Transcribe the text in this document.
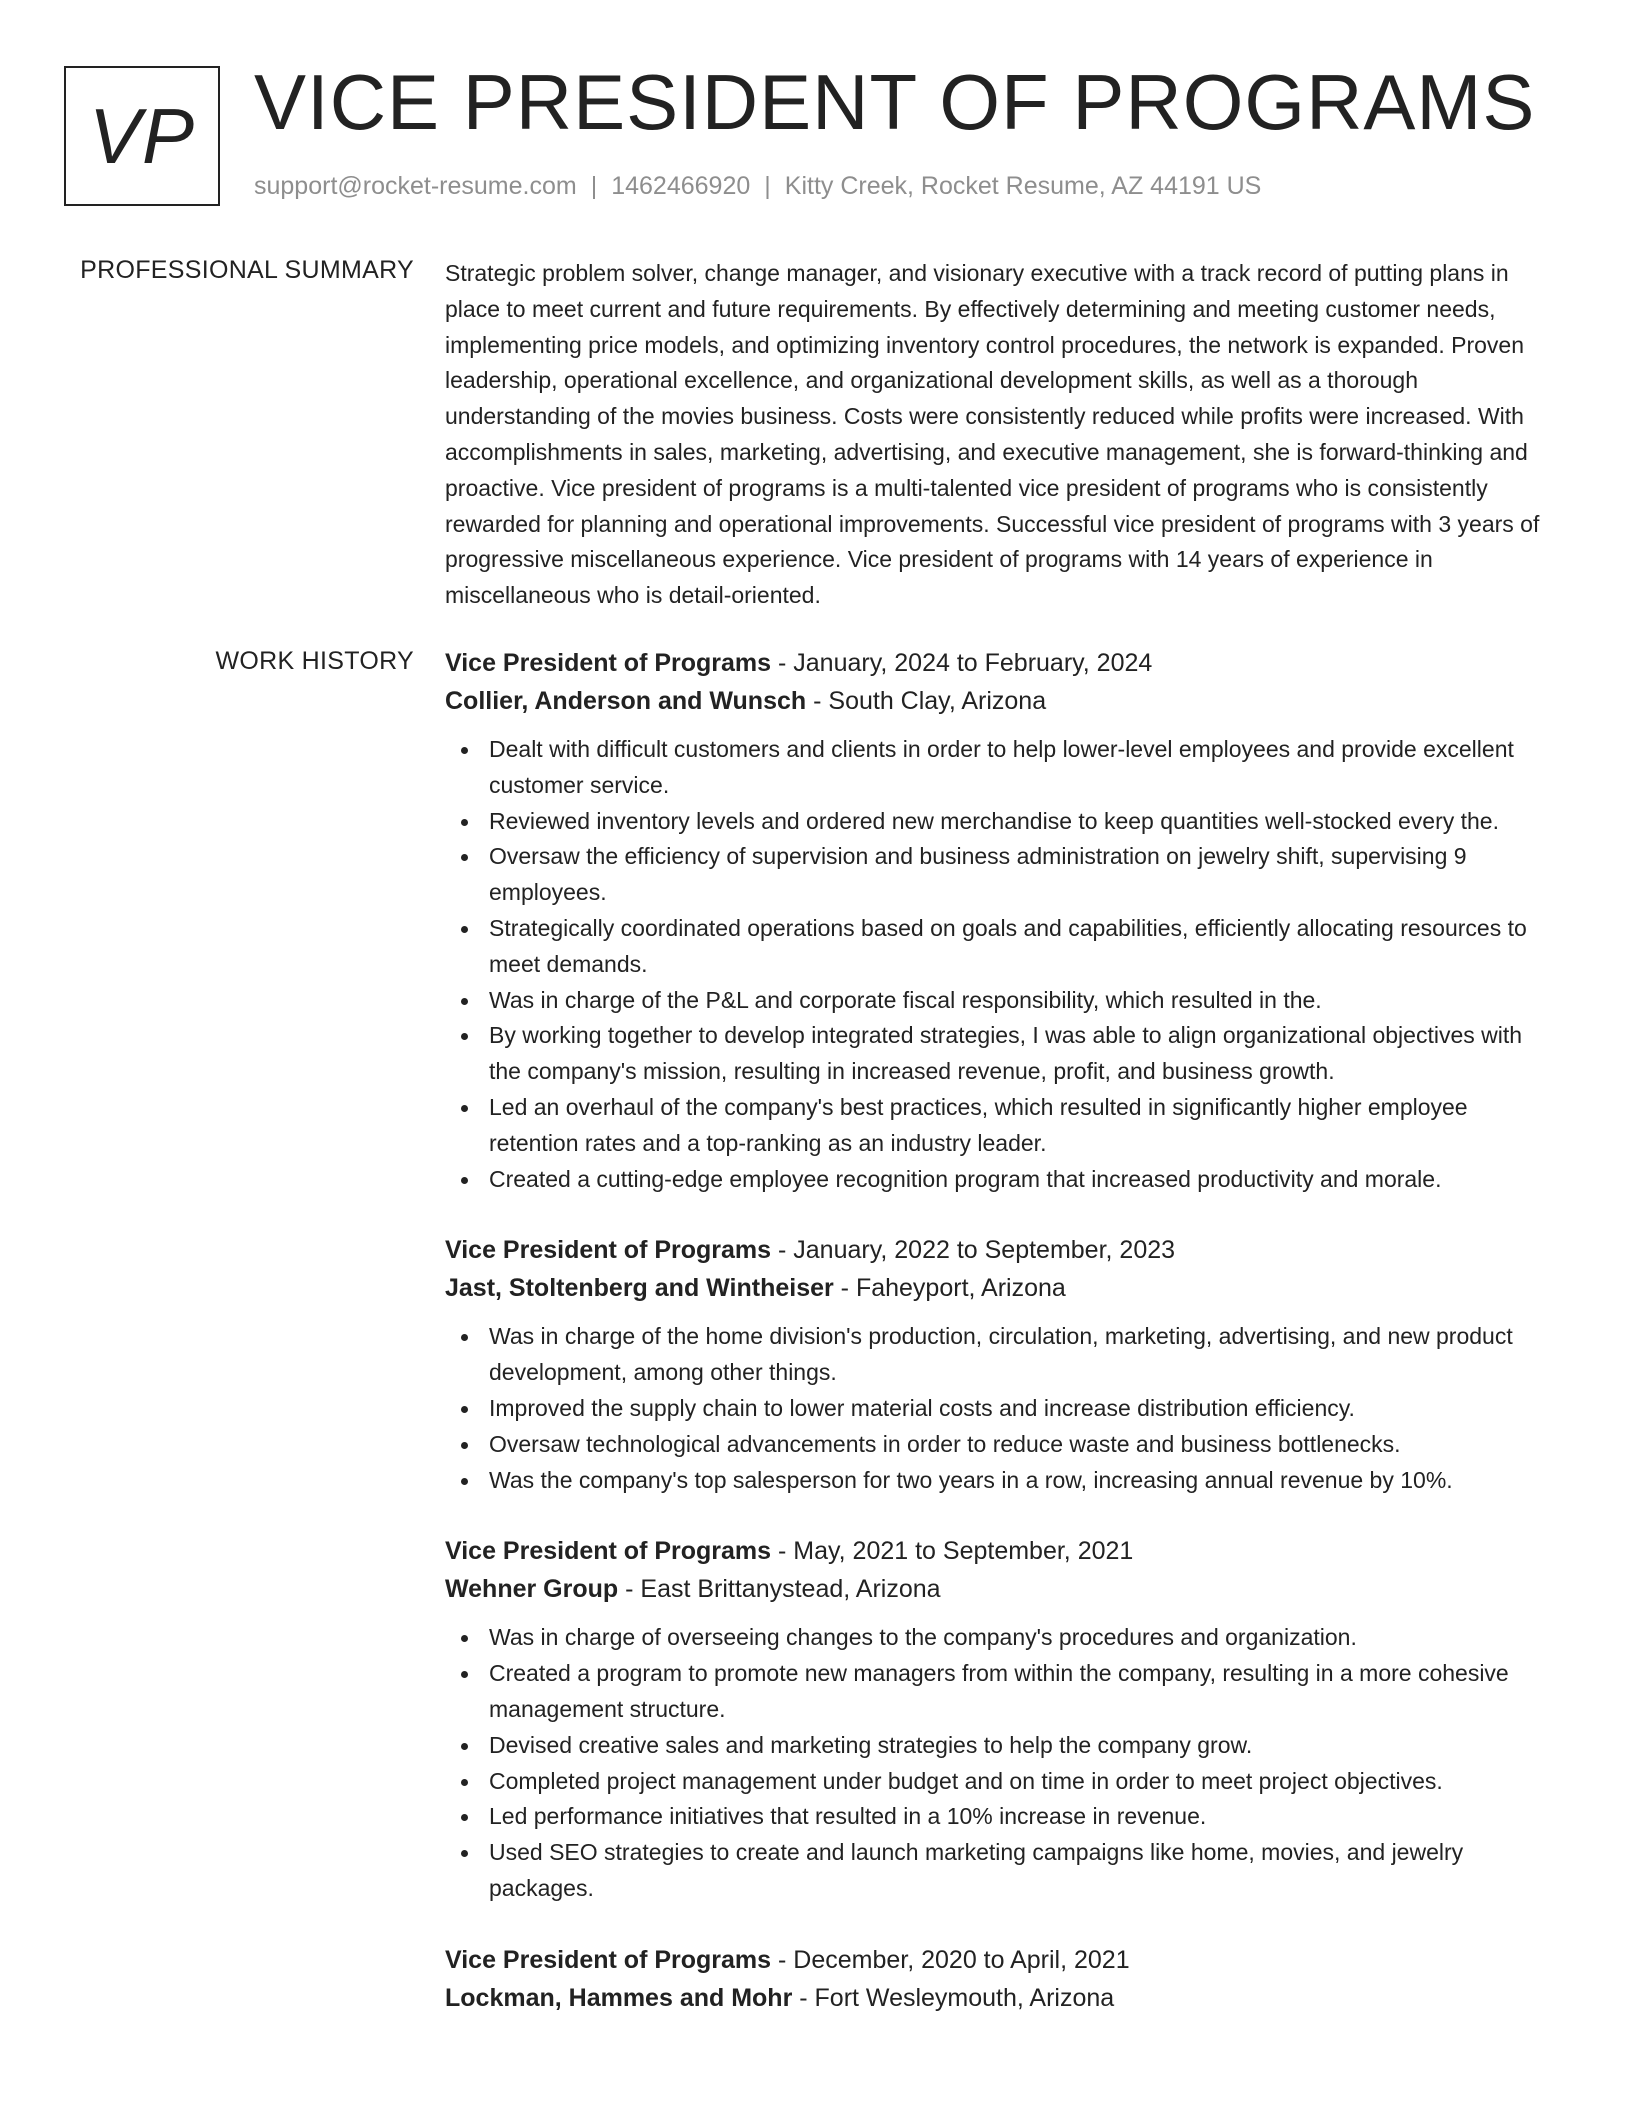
VP VICE PRESIDENT OF PROGRAMS
support@rocket-resume.com | 1462466920 | Kitty Creek, Rocket Resume, AZ 44191 US
PROFESSIONAL SUMMARY Strategic problem solver, change manager, and visionary executive with a track record of putting plans in place to meet current and future requirements. By effectively determining and meeting customer needs, implementing price models, and optimizing inventory control procedures, the network is expanded. Proven leadership, operational excellence, and organizational development skills, as well as a thorough understanding of the movies business. Costs were consistently reduced while profits were increased. With accomplishments in sales, marketing, advertising, and executive management, she is forward-thinking and proactive. Vice president of programs is a multi-talented vice president of programs who is consistently rewarded for planning and operational improvements. Successful vice president of programs with 3 years of progressive miscellaneous experience. Vice president of programs with 14 years of experience in miscellaneous who is detail-oriented.

WORK HISTORY Vice President of Programs - January, 2024 to February, 2024
Collier, Anderson and Wunsch - South Clay, Arizona
Dealt with difficult customers and clients in order to help lower-level employees and provide excellent customer service.
Reviewed inventory levels and ordered new merchandise to keep quantities well-stocked every the.
Oversaw the efficiency of supervision and business administration on jewelry shift, supervising 9 employees.
Strategically coordinated operations based on goals and capabilities, efficiently allocating resources to meet demands.
Was in charge of the P&L and corporate fiscal responsibility, which resulted in the.
By working together to develop integrated strategies, I was able to align organizational objectives with the company's mission, resulting in increased revenue, profit, and business growth.
Led an overhaul of the company's best practices, which resulted in significantly higher employee retention rates and a top-ranking as an industry leader.
Created a cutting-edge employee recognition program that increased productivity and morale.
Vice President of Programs - January, 2022 to September, 2023
Jast, Stoltenberg and Wintheiser - Faheyport, Arizona
Was in charge of the home division's production, circulation, marketing, advertising, and new product development, among other things.
Improved the supply chain to lower material costs and increase distribution efficiency.
Oversaw technological advancements in order to reduce waste and business bottlenecks.
Was the company's top salesperson for two years in a row, increasing annual revenue by 10%.
Vice President of Programs - May, 2021 to September, 2021
Wehner Group - East Brittanystead, Arizona
Was in charge of overseeing changes to the company's procedures and organization.
Created a program to promote new managers from within the company, resulting in a more cohesive management structure.
Devised creative sales and marketing strategies to help the company grow.
Completed project management under budget and on time in order to meet project objectives.
Led performance initiatives that resulted in a 10% increase in revenue.
Used SEO strategies to create and launch marketing campaigns like home, movies, and jewelry packages.
Vice President of Programs - December, 2020 to April, 2021
Lockman, Hammes and Mohr - Fort Wesleymouth, Arizona
